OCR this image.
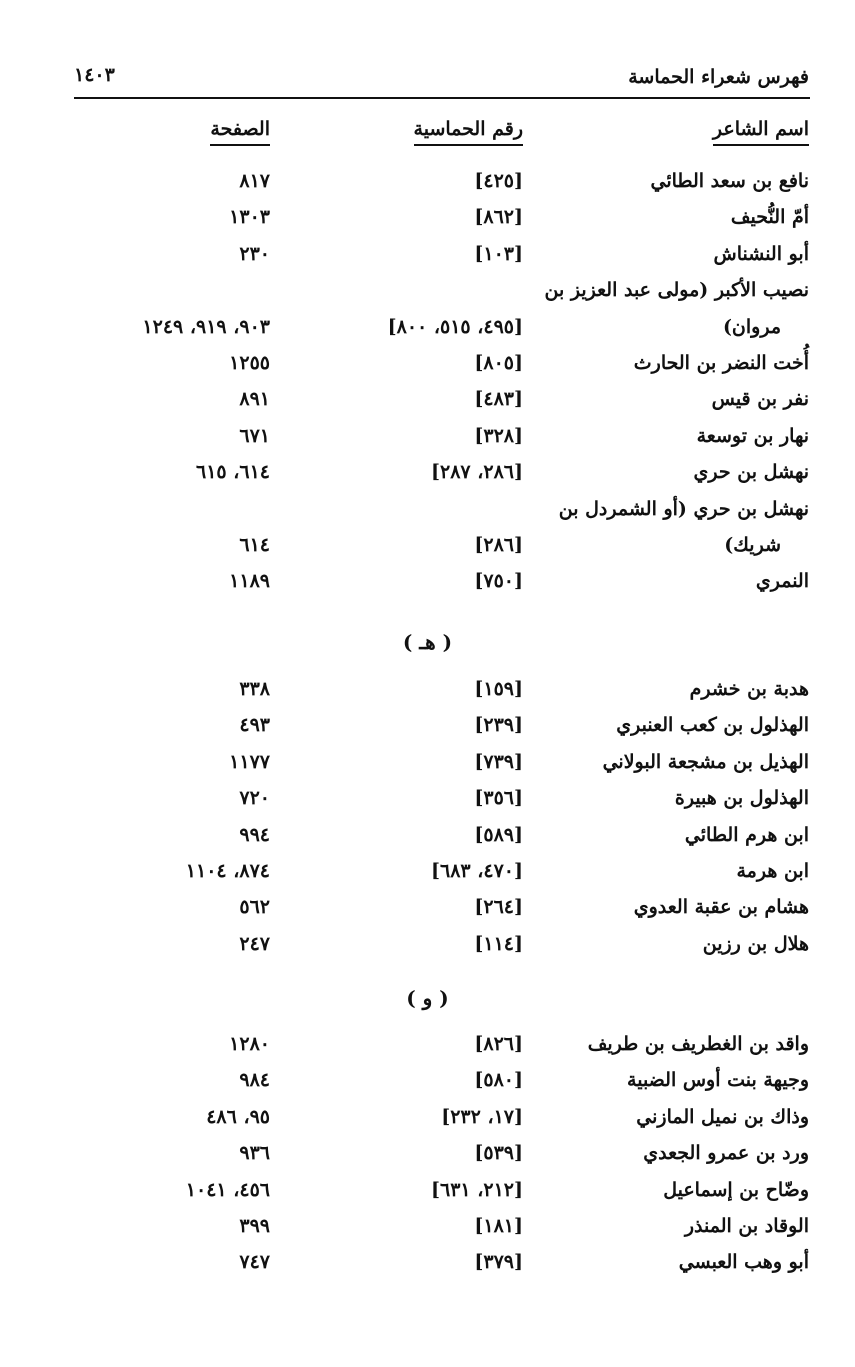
فهرس شعراء الحماسة
١٤٠٣
اسم الشاعر
رقم الحماسية
الصفحة
نافع بن سعد الطائي
[٤٢٥]
٨١٧
أمّ النُّحيف
[٨٦٢]
١٣٠٣
أبو النشناش
[١٠٣]
٢٣٠
نصيب الأكبر (مولى عبد العزيز بن
مروان)
[٤٩٥، ٥١٥، ٨٠٠]
٩٠٣، ٩١٩، ١٢٤٩
أُخت النضر بن الحارث
[٨٠٥]
١٢٥٥
نفر بن قيس
[٤٨٣]
٨٩١
نهار بن توسعة
[٣٢٨]
٦٧١
نهشل بن حري
[٢٨٦، ٢٨٧]
٦١٤، ٦١٥
نهشل بن حري (أو الشمردل بن
شريك)
[٢٨٦]
٦١٤
النمري
[٧٥٠]
١١٨٩
هدبة بن خشرم
[١٥٩]
٣٣٨
الهذلول بن كعب العنبري
[٢٣٩]
٤٩٣
الهذيل بن مشجعة البولاني
[٧٣٩]
١١٧٧
الهذلول بن هبيرة
[٣٥٦]
٧٢٠
ابن هرم الطائي
[٥٨٩]
٩٩٤
ابن هرمة
[٤٧٠، ٦٨٣]
٨٧٤، ١١٠٤
هشام بن عقبة العدوي
[٢٦٤]
٥٦٢
هلال بن رزين
[١١٤]
٢٤٧
واقد بن الغطريف بن طريف
[٨٢٦]
١٢٨٠
وجيهة بنت أوس الضبية
[٥٨٠]
٩٨٤
وذاك بن نميل المازني
[١٧، ٢٣٢]
٩٥، ٤٨٦
ورد بن عمرو الجعدي
[٥٣٩]
٩٣٦
وضّاح بن إسماعيل
[٢١٢، ٦٣١]
٤٥٦، ١٠٤١
الوقاد بن المنذر
[١٨١]
٣٩٩
أبو وهب العبسي
[٣٧٩]
٧٤٧
( هـ )
( و )
